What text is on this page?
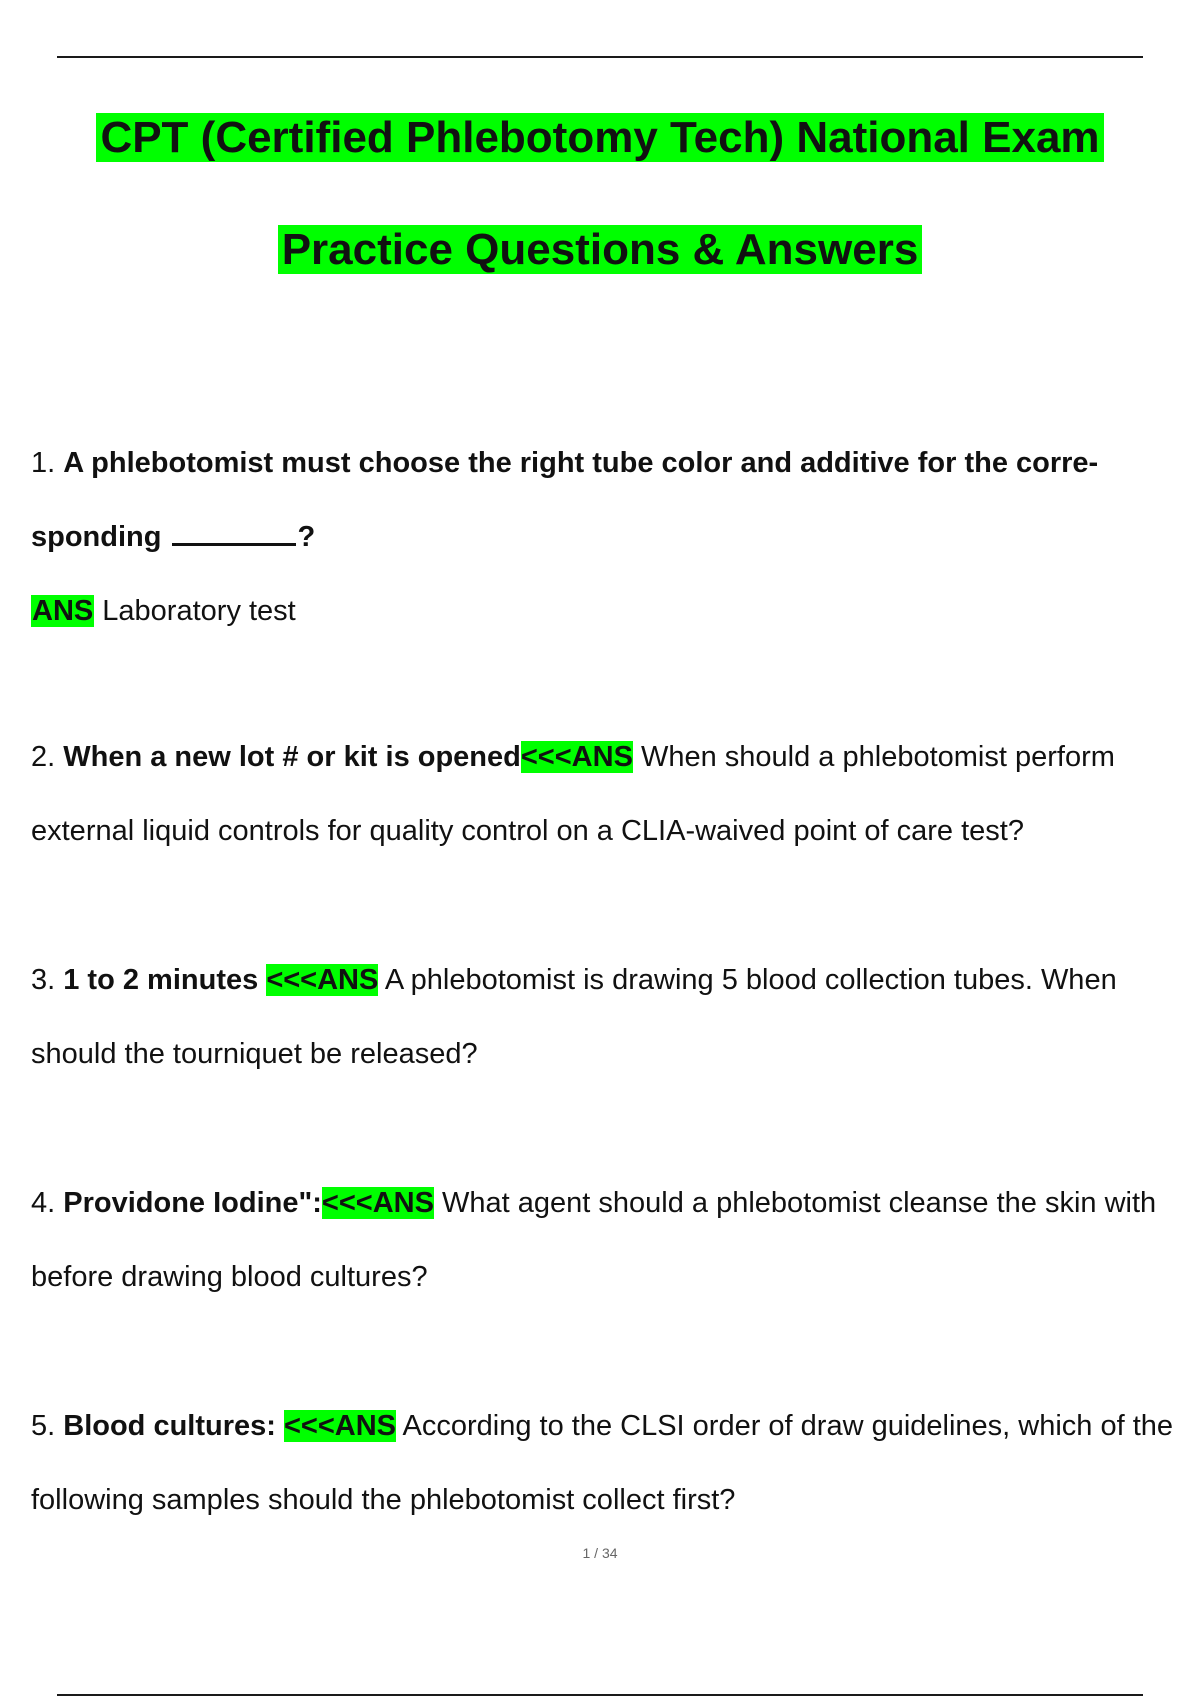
CPT (Certified Phlebotomy Tech) National Exam
Practice Questions & Answers
1. A phlebotomist must choose the right tube color and additive for the corre-
sponding	?
ANS Laboratory test
2. When a new lot # or kit is opened<<<ANS When should a phlebotomist perform external liquid controls for quality control on a CLIA-waived point of care test?
3. 1 to 2 minutes <<<ANS A phlebotomist is drawing 5 blood collection tubes. When should the tourniquet be released?
4. Providone Iodine":<<<ANS What agent should a phlebotomist cleanse the skin with before drawing blood cultures?
5. Blood cultures: <<<ANS According to the CLSI order of draw guidelines, which of the following samples should the phlebotomist collect first?
1 / 34
